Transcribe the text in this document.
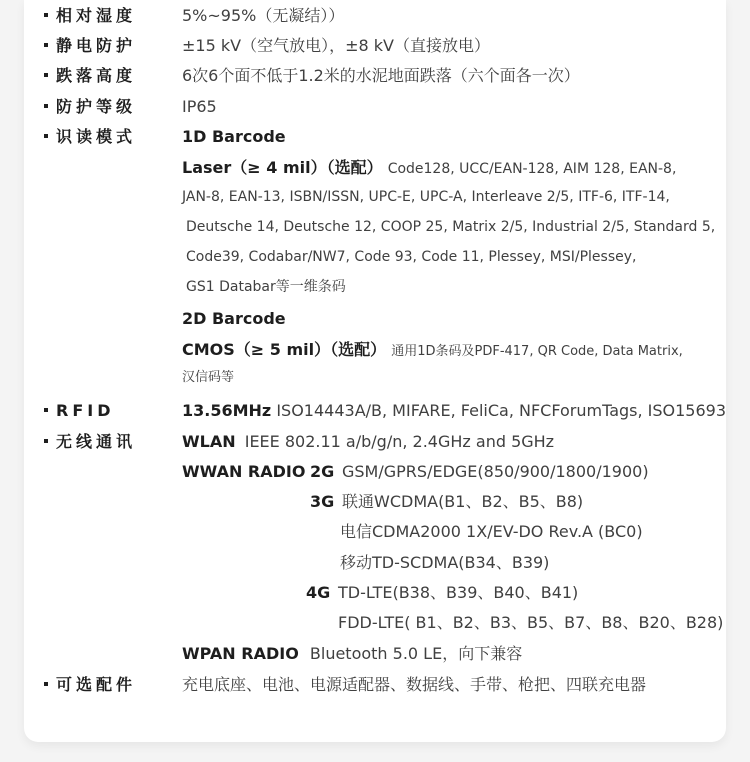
相对湿度	5%~95%（无凝结））
静电防护	±15 kV（空气放电），±8 kV（直接放电）
跌落高度	6次6个面不低于1.2米的水泥地面跌落（六个面各一次）
防护等级	IP65
识读模式	1D Barcode
Laser（≥ 4 mil）（选配） Code128, UCC/EAN-128, AIM 128, EAN-8,
JAN-8, EAN-13, ISBN/ISSN, UPC-E, UPC-A, Interleave 2/5, ITF-6, ITF-14,
Deutsche 14, Deutsche 12, COOP 25, Matrix 2/5, Industrial 2/5, Standard 5,
Code39, Codabar/NW7, Code 93, Code 11, Plessey, MSI/Plessey,
GS1 Databar等一维条码
2D Barcode
CMOS（≥ 5 mil）（选配） 通用1D条码及PDF-417, QR Code, Data Matrix,
汉信码等
RFID	13.56MHz ISO14443A/B, MIFARE, FeliCa, NFCForumTags, ISO15693
无线通讯	WLAN IEEE 802.11 a/b/g/n, 2.4GHz and 5GHz
WWAN RADIO 2G GSM/GPRS/EDGE(850/900/1800/1900)
3G 联通WCDMA(B1、B2、B5、B8)
电信CDMA2000 1X/EV-DO Rev.A (BC0)
移动TD-SCDMA(B34、B39)
4G TD-LTE(B38、B39、B40、B41)
FDD-LTE( B1、B2、B3、B5、B7、B8、B20、B28)
WPAN RADIO Bluetooth 5.0 LE，向下兼容
可选配件	充电底座、电池、电源适配器、数据线、手带、枪把、四联充电器
